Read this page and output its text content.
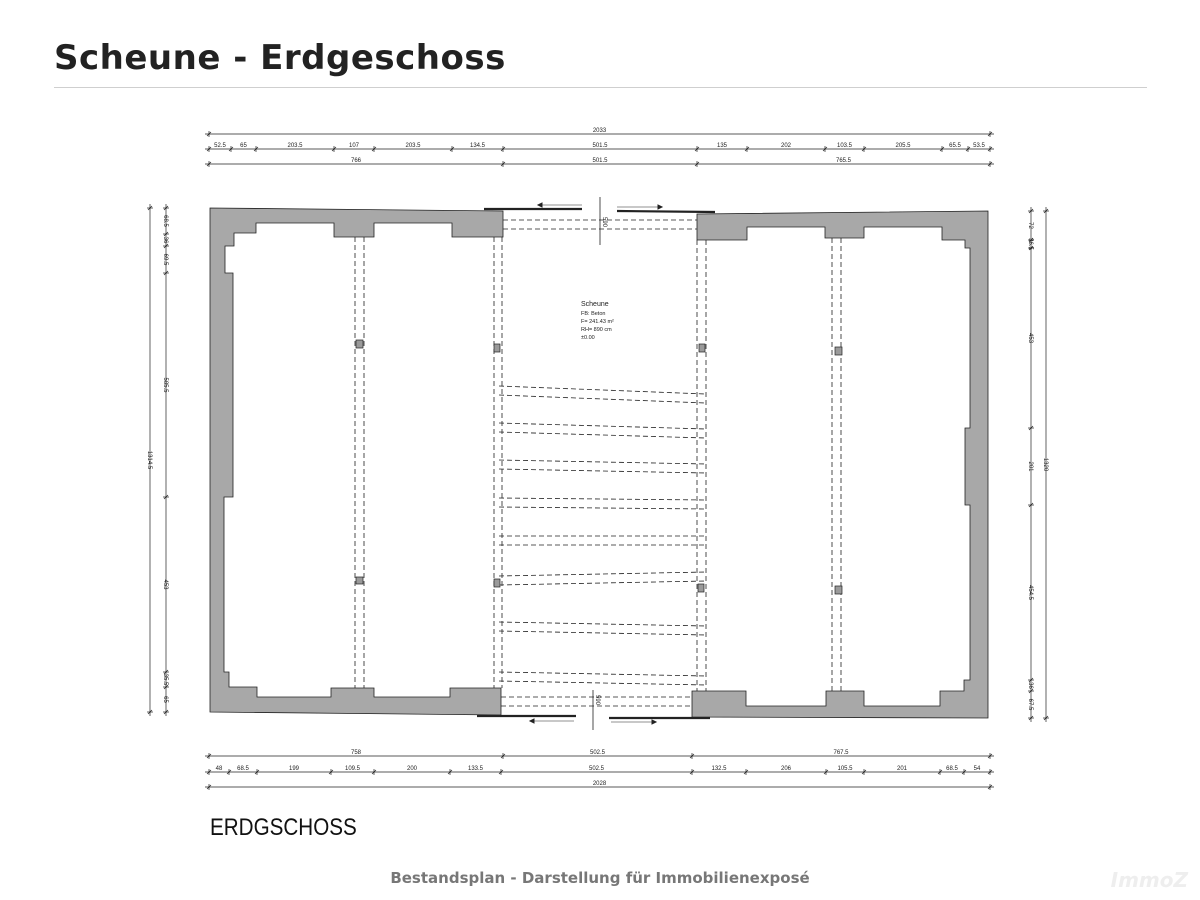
Scheune - Erdgeschoss
590
590
Scheune
FB: Beton
F= 241.43 m²
RH= 890 cm
±0.00
2033
52.5 65	203.5	107	203.5	134.5	501.5	135	202	103.5	205.5	65.5 53.5
766	501.5	765.5
758	502.5	767.5
48 68.5	199	109.5	200	133.5	502.5	132.5	206	105.5	201	68.5	54
2028
1314.5
68.5
36
69.5
585.5
453
35.5
65
1320
72
36.5
453
201
454.5
36
67.5
ERDGSCHOSS
Bestandsplan - Darstellung für Immobilienexposé	ImmoZ
